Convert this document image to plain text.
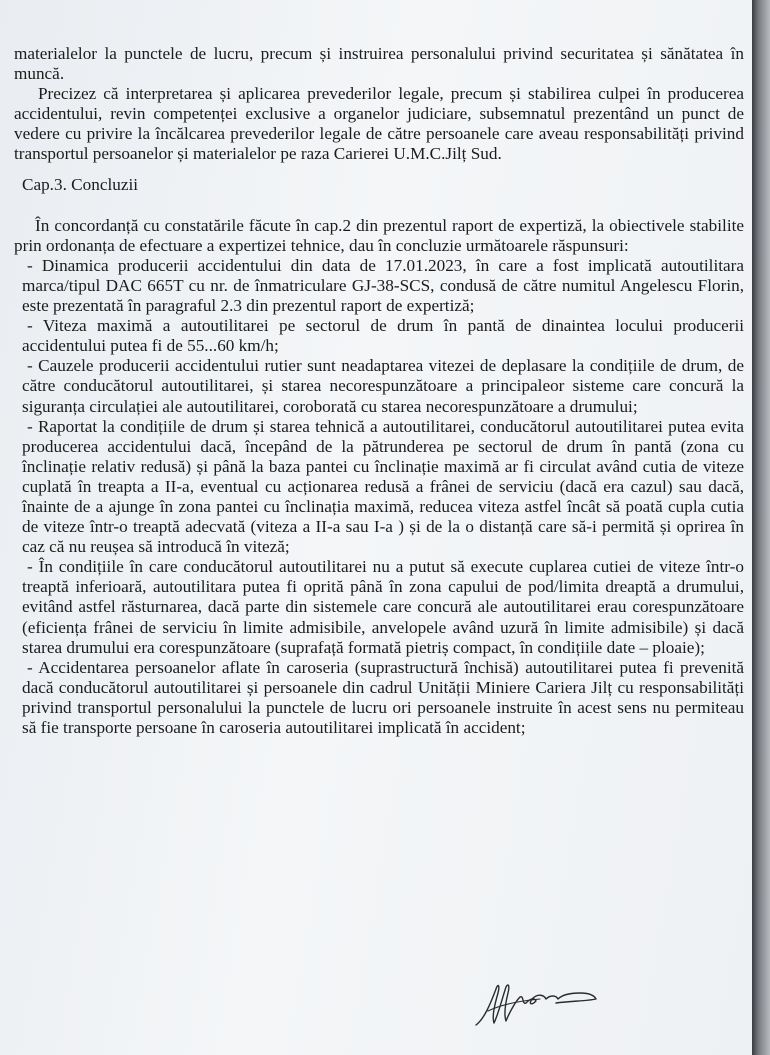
materialelor la punctele de lucru, precum și instruirea personalului privind securitatea și sănătatea în muncă.

Precizez că interpretarea și aplicarea prevederilor legale, precum și stabilirea culpei în producerea accidentului, revin competenței exclusive a organelor judiciare, subsemnatul prezentând un punct de vedere cu privire la încălcarea prevederilor legale de către persoanele care aveau responsabilități privind transportul persoanelor și materialelor pe raza Carierei U.M.C.Jilț Sud.

Cap.3. Concluzii

În concordanță cu constatările făcute în cap.2 din prezentul raport de expertiză, la obiectivele stabilite prin ordonanța de efectuare a expertizei tehnice, dau în concluzie următoarele răspunsuri:

- Dinamica producerii accidentului din data de 17.01.2023, în care a fost implicată autoutilitara marca/tipul DAC 665T cu nr. de înmatriculare GJ-38-SCS, condusă de către numitul Angelescu Florin, este prezentată în paragraful 2.3 din prezentul raport de expertiză;

- Viteza maximă a autoutilitarei pe sectorul de drum în pantă de dinaintea locului producerii accidentului putea fi de 55...60 km/h;

- Cauzele producerii accidentului rutier sunt neadaptarea vitezei de deplasare la condițiile de drum, de către conducătorul autoutilitarei, și starea necorespunzătoare a principaleor sisteme care concură la siguranța circulației ale autoutilitarei, coroborată cu starea necorespunzătoare a drumului;

- Raportat la condițiile de drum și starea tehnică a autoutilitarei, conducătorul autoutilitarei putea evita producerea accidentului dacă, începând de la pătrunderea pe sectorul de drum în pantă (zona cu înclinație relativ redusă) și până la baza pantei cu înclinație maximă ar fi circulat având cutia de viteze cuplată în treapta a II-a, eventual cu acționarea redusă a frânei de serviciu (dacă era cazul) sau dacă, înainte de a ajunge în zona pantei cu înclinația maximă, reducea viteza astfel încât să poată cupla cutia de viteze într-o treaptă adecvată (viteza a II-a sau I-a ) și de la o distanță care să-i permită și oprirea în caz că nu reușea să introducă în viteză;

- În condițiile în care conducătorul autoutilitarei nu a putut să execute cuplarea cutiei de viteze într-o treaptă inferioară, autoutilitara putea fi oprită până în zona capului de pod/limita dreaptă a drumului, evitând astfel răsturnarea, dacă parte din sistemele care concură ale autoutilitarei erau corespunzătoare (eficiența frânei de serviciu în limite admisibile, anvelopele având uzură în limite admisibile) și dacă starea drumului era corespunzătoare (suprafață formată pietriș compact, în condițiile date – ploaie);

- Accidentarea persoanelor aflate în caroseria (suprastructură închisă) autoutilitarei putea fi prevenită dacă conducătorul autoutilitarei și persoanele din cadrul Unității Miniere Cariera Jilț cu responsabilități privind transportul personalului la punctele de lucru ori persoanele instruite în acest sens nu permiteau să fie transporte persoane în caroseria autoutilitarei implicată în accident;
